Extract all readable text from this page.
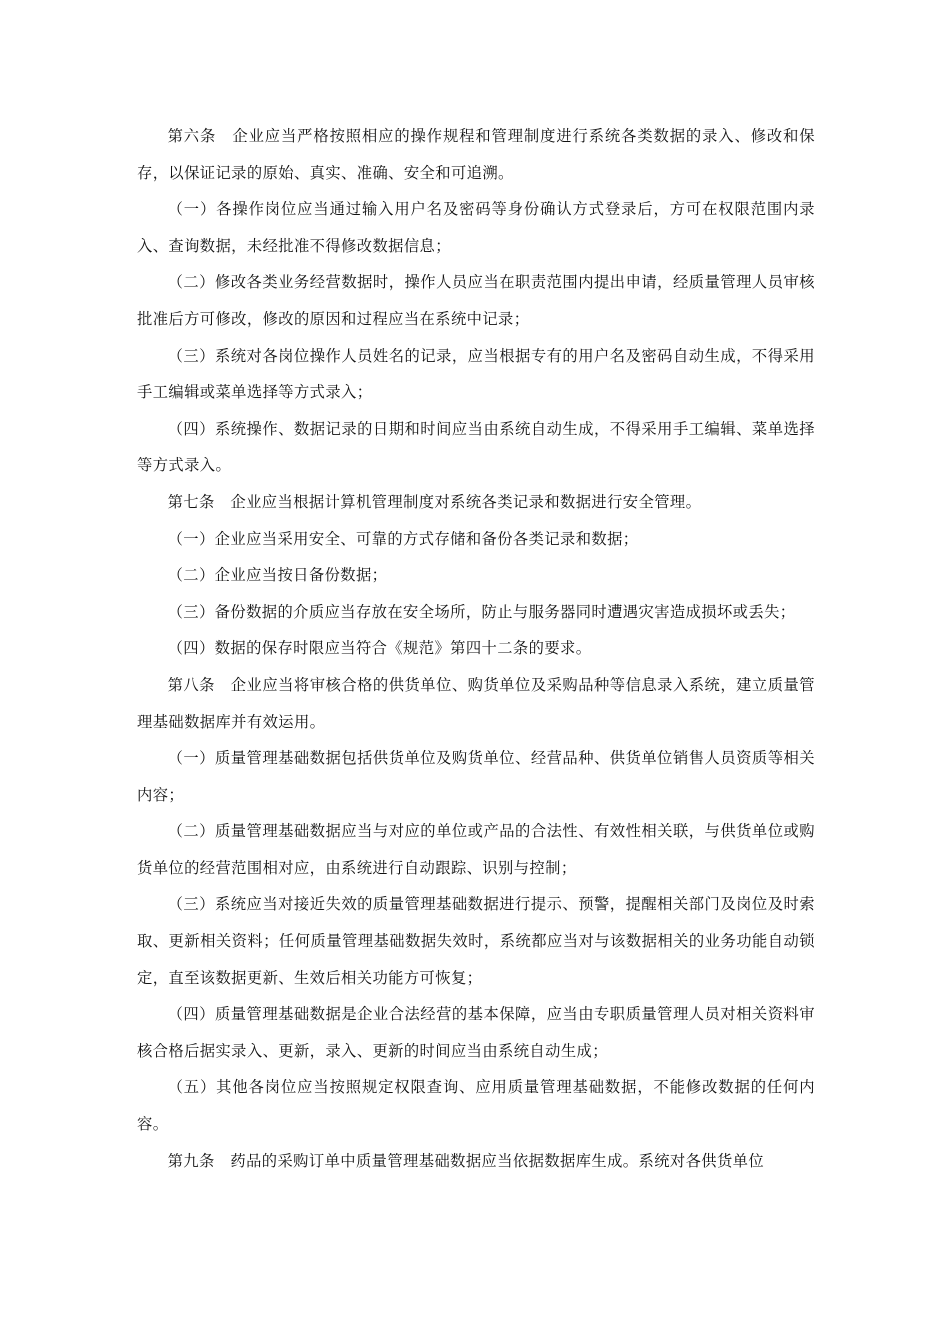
第六条　企业应当严格按照相应的操作规程和管理制度进行系统各类数据的录入、修改和保存，以保证记录的原始、真实、准确、安全和可追溯。

（一）各操作岗位应当通过输入用户名及密码等身份确认方式登录后，方可在权限范围内录入、查询数据，未经批准不得修改数据信息；

（二）修改各类业务经营数据时，操作人员应当在职责范围内提出申请，经质量管理人员审核批准后方可修改，修改的原因和过程应当在系统中记录；

（三）系统对各岗位操作人员姓名的记录，应当根据专有的用户名及密码自动生成，不得采用手工编辑或菜单选择等方式录入；

（四）系统操作、数据记录的日期和时间应当由系统自动生成，不得采用手工编辑、菜单选择等方式录入。

第七条　企业应当根据计算机管理制度对系统各类记录和数据进行安全管理。

（一）企业应当采用安全、可靠的方式存储和备份各类记录和数据；

（二）企业应当按日备份数据；

（三）备份数据的介质应当存放在安全场所，防止与服务器同时遭遇灾害造成损坏或丢失；

（四）数据的保存时限应当符合《规范》第四十二条的要求。

第八条　企业应当将审核合格的供货单位、购货单位及采购品种等信息录入系统，建立质量管理基础数据库并有效运用。

（一）质量管理基础数据包括供货单位及购货单位、经营品种、供货单位销售人员资质等相关内容；

（二）质量管理基础数据应当与对应的单位或产品的合法性、有效性相关联，与供货单位或购货单位的经营范围相对应，由系统进行自动跟踪、识别与控制；

（三）系统应当对接近失效的质量管理基础数据进行提示、预警，提醒相关部门及岗位及时索取、更新相关资料；任何质量管理基础数据失效时，系统都应当对与该数据相关的业务功能自动锁定，直至该数据更新、生效后相关功能方可恢复；

（四）质量管理基础数据是企业合法经营的基本保障，应当由专职质量管理人员对相关资料审核合格后据实录入、更新，录入、更新的时间应当由系统自动生成；

（五）其他各岗位应当按照规定权限查询、应用质量管理基础数据，不能修改数据的任何内容。

第九条　药品的采购订单中质量管理基础数据应当依据数据库生成。系统对各供货单位
